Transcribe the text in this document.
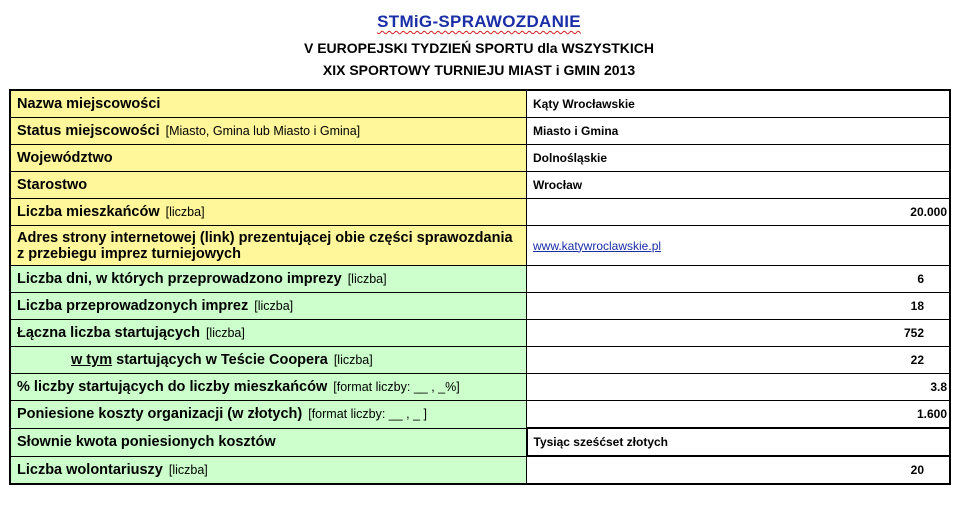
STMiG-SPRAWOZDANIE
V EUROPEJSKI TYDZIEŃ SPORTU dla WSZYSTKICH
XIX SPORTOWY TURNIEJU MIAST i GMIN 2013
Nazwa miejscowości	Kąty Wrocławskie
Status miejscowości [Miasto, Gmina lub Miasto i Gmina]	Miasto i Gmina
Województwo	Dolnośląskie
Starostwo	Wrocław
Liczba mieszkańców [liczba]	20.000
Adres strony internetowej (link) prezentującej obie części sprawozdania z przebiegu imprez turniejowych	www.katywroclawskie.pl
Liczba dni, w których przeprowadzono imprezy [liczba]	6
Liczba przeprowadzonych imprez [liczba]	18
Łączna liczba startujących [liczba]	752
w tym startujących w Teście Coopera [liczba]	22
% liczby startujących do liczby mieszkańców [format liczby: __ , _%]	3.8
Poniesione koszty organizacji (w złotych) [format liczby: __ , _ ]	1.600
Słownie kwota poniesionych kosztów	Tysiąc sześćset złotych
Liczba wolontariuszy [liczba]	20
